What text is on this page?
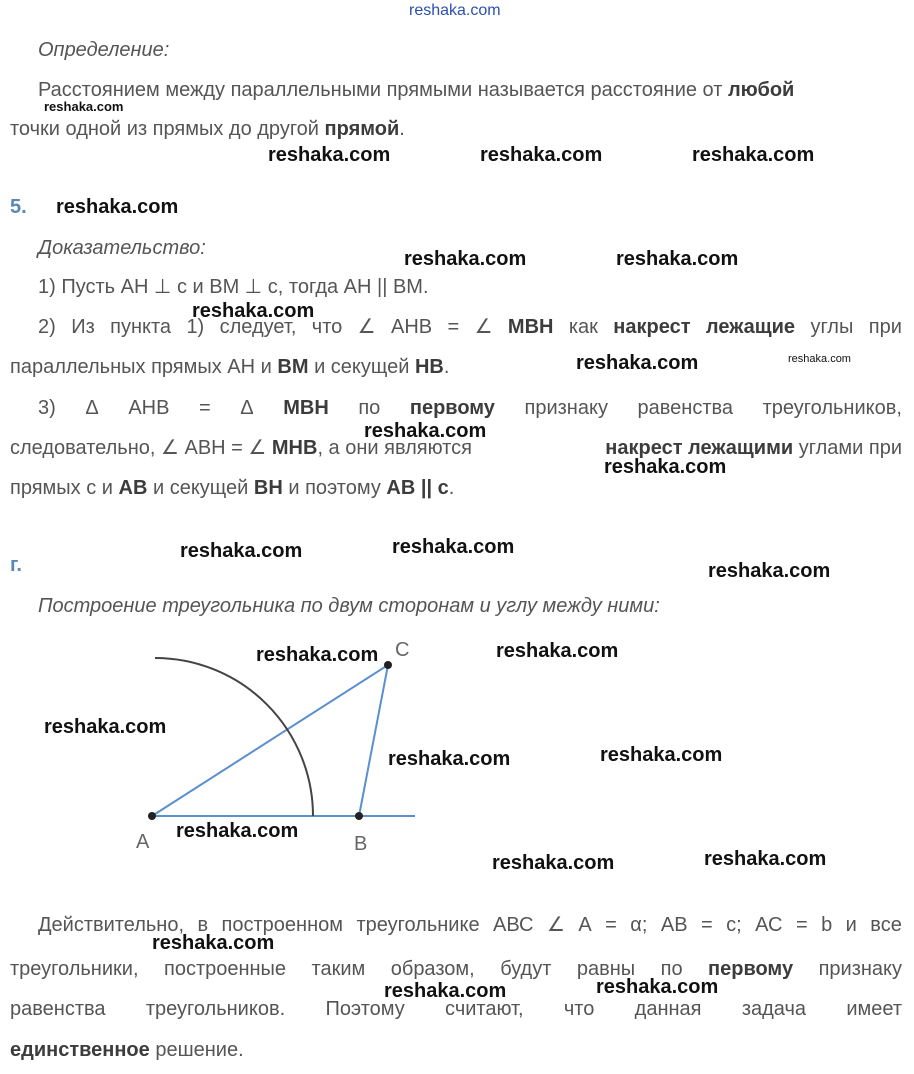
reshaka.com
Определение:
Расстоянием между параллельными прямыми называется расстояние от любой
точки одной из прямых до другой прямой.
5.
Доказательство:
1) Пусть АН ⊥ с и ВМ ⊥ с, тогда АН || ВМ.
2) Из пункта 1) следует, что ∠ АНВ = ∠ МВН как накрест лежащие углы при
параллельных прямых АН и ВМ и секущей НВ.
3) Δ АНВ = Δ МВН по первому признаку равенства треугольников,
следовательно, ∠ АВН = ∠ МНВ, а они являются	накрест лежащими углами при
прямых с и АВ и секущей ВН и поэтому АВ || с.
г.
Построение треугольника по двум сторонам и углу между ними:
А	В
С
Действительно, в построенном треугольнике АВС ∠ А = α; АВ = с; АС = b и все
треугольники, построенные таким образом, будут равны по первому признаку
равенства треугольников. Поэтому считают, что данная задача имеет
единственное решение.
reshaka.com
reshaka.com	reshaka.com	reshaka.com
reshaka.com
reshaka.com	reshaka.com
reshaka.com
reshaka.com	reshaka.com
reshaka.com
reshaka.com
reshaka.com	reshaka.com
reshaka.com
reshaka.com	reshaka.com
reshaka.com
reshaka.com	reshaka.com
reshaka.com
reshaka.com	reshaka.com
reshaka.com
reshaka.com	reshaka.com
